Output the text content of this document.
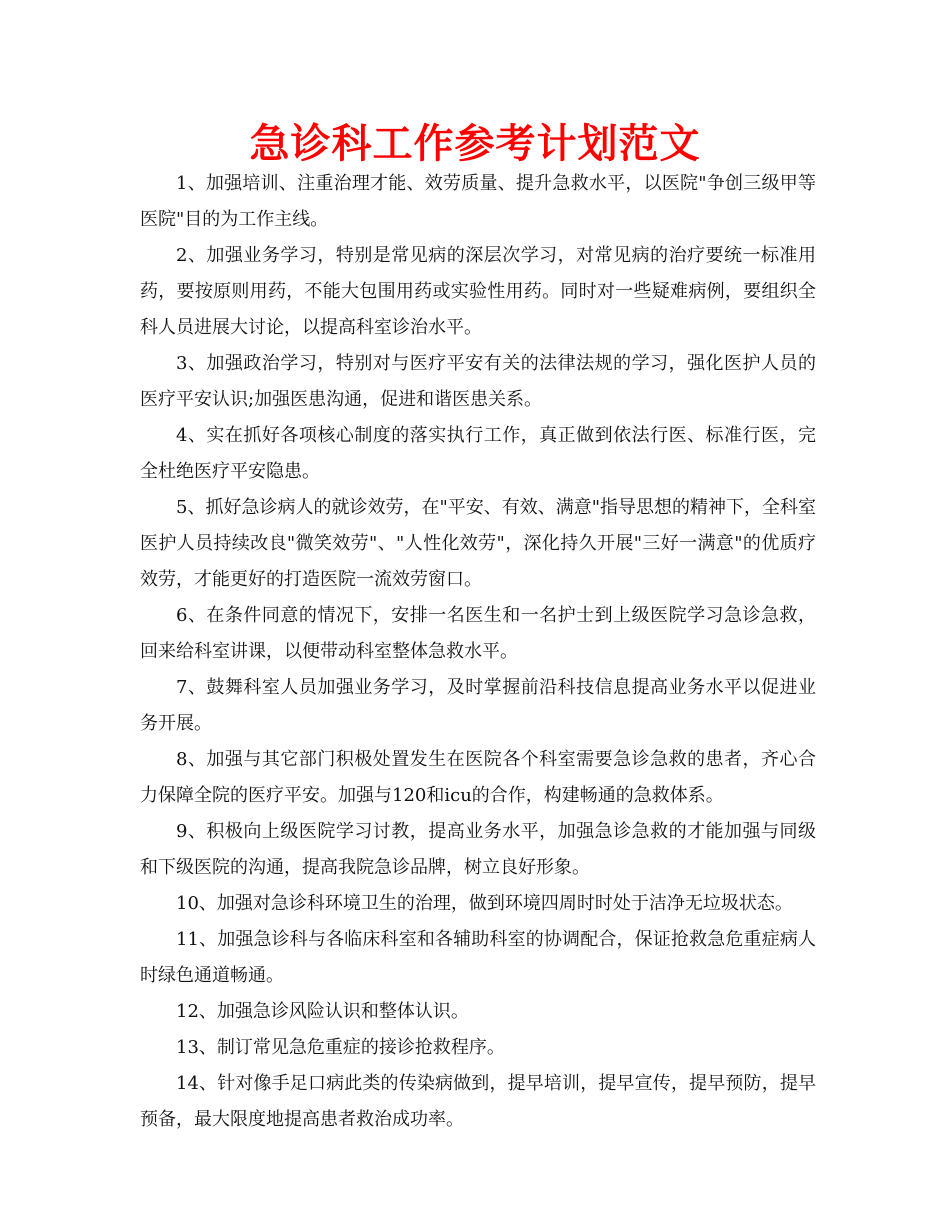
急诊科工作参考计划范文

1、加强培训、注重治理才能、效劳质量、提升急救水平，以医院"争创三级甲等医院"目的为工作主线。

2、加强业务学习，特别是常见病的深层次学习，对常见病的治疗要统一标准用药，要按原则用药，不能大包围用药或实验性用药。同时对一些疑难病例，要组织全科人员进展大讨论，以提高科室诊治水平。

3、加强政治学习，特别对与医疗平安有关的法律法规的学习，强化医护人员的医疗平安认识;加强医患沟通，促进和谐医患关系。

4、实在抓好各项核心制度的落实执行工作，真正做到依法行医、标准行医，完全杜绝医疗平安隐患。

5、抓好急诊病人的就诊效劳，在"平安、有效、满意"指导思想的精神下，全科室医护人员持续改良"微笑效劳"、"人性化效劳"，深化持久开展"三好一满意"的优质疗效劳，才能更好的打造医院一流效劳窗口。

6、在条件同意的情况下，安排一名医生和一名护士到上级医院学习急诊急救，回来给科室讲课，以便带动科室整体急救水平。

7、鼓舞科室人员加强业务学习，及时掌握前沿科技信息提高业务水平以促进业务开展。

8、加强与其它部门积极处置发生在医院各个科室需要急诊急救的患者，齐心合力保障全院的医疗平安。加强与120和icu的合作，构建畅通的急救体系。

9、积极向上级医院学习讨教，提高业务水平，加强急诊急救的才能加强与同级和下级医院的沟通，提高我院急诊品牌，树立良好形象。

10、加强对急诊科环境卫生的治理，做到环境四周时时处于洁净无垃圾状态。

11、加强急诊科与各临床科室和各辅助科室的协调配合，保证抢救急危重症病人时绿色通道畅通。

12、加强急诊风险认识和整体认识。

13、制订常见急危重症的接诊抢救程序。

14、针对像手足口病此类的传染病做到，提早培训，提早宣传，提早预防，提早预备，最大限度地提高患者救治成功率。
